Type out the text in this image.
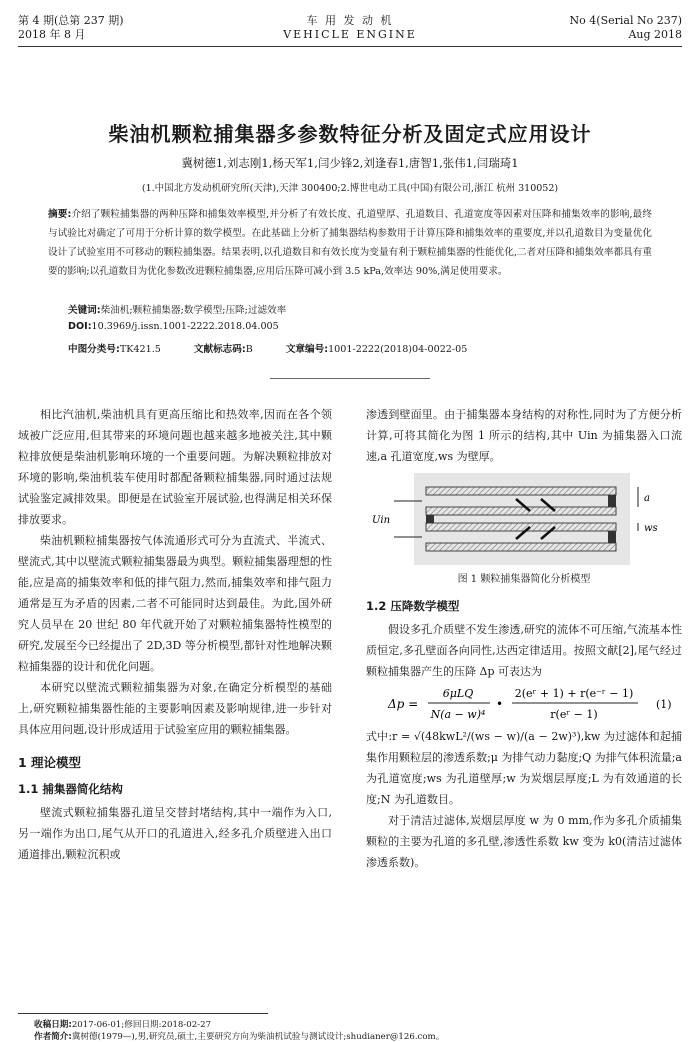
第 4 期(总第 237 期)
2018 年 8 月
车 用 发 动 机
VEHICLE ENGINE
No 4(Serial No 237)
Aug 2018
柴油机颗粒捕集器多参数特征分析及固定式应用设计
冀树德1,刘志刚1,杨天军1,闫少锋2,刘逢春1,唐智1,张伟1,闫瑞琦1
(1.中国北方发动机研究所(天津),天津 300400;2.博世电动工具(中国)有限公司,浙江 杭州 310052)
摘要:介绍了颗粒捕集器的两种压降和捕集效率模型,并分析了有效长度、孔道壁厚、孔道数目、孔道宽度等因素对压降和捕集效率的影响,最终与试验比对确定了可用于分析计算的数学模型。在此基础上分析了捕集器结构参数用于计算压降和捕集效率的重要度,并以孔道数目为变量优化设计了试验室用不可移动的颗粒捕集器。结果表明,以孔道数目和有效长度为变量有利于颗粒捕集器的性能优化,二者对压降和捕集效率都具有重要的影响;以孔道数目为优化参数改进颗粒捕集器,应用后压降可减小到 3.5 kPa,效率达 90%,满足使用要求。
关键词:柴油机;颗粒捕集器;数学模型;压降;过滤效率
DOI:10.3969/j.issn.1001-2222.2018.04.005
中图分类号:TK421.5	文献标志码:B	文章编号:1001-2222(2018)04-0022-05

相比汽油机,柴油机具有更高压缩比和热效率,因而在各个领域被广泛应用,但其带来的环境问题也越来越多地被关注,其中颗粒排放便是柴油机影响环境的一个重要问题。为解决颗粒排放对环境的影响,柴油机装车使用时都配备颗粒捕集器,同时通过法规试验鉴定减排效果。即便是在试验室开展试验,也得满足相关环保排放要求。

柴油机颗粒捕集器按气体流通形式可分为直流式、半流式、壁流式,其中以壁流式颗粒捕集器最为典型。颗粒捕集器理想的性能,应是高的捕集效率和低的排气阻力,然而,捕集效率和排气阻力通常是互为矛盾的因素,二者不可能同时达到最佳。为此,国外研究人员早在 20 世纪 80 年代就开始了对颗粒捕集器特性模型的研究,发展至今已经提出了 2D,3D 等分析模型,都针对性地解决颗粒捕集器的设计和优化问题。

本研究以壁流式颗粒捕集器为对象,在确定分析模型的基础上,研究颗粒捕集器性能的主要影响因素及影响规律,进一步针对具体应用问题,设计形成适用于试验室应用的颗粒捕集器。

1 理论模型
1.1 捕集器简化结构

壁流式颗粒捕集器孔道呈交替封堵结构,其中一端作为入口,另一端作为出口,尾气从开口的孔道进入,经多孔介质壁进入出口通道排出,颗粒沉积或

渗透到壁面里。由于捕集器本身结构的对称性,同时为了方便分析计算,可将其简化为图 1 所示的结构,其中 Uin 为捕集器入口流速,a 孔道宽度,ws 为壁厚。

Uin
a
ws
图 1 颗粒捕集器简化分析模型
1.2 压降数学模型

假设多孔介质壁不发生渗透,研究的流体不可压缩,气流基本性质恒定,多孔壁面各向同性,达西定律适用。按照文献[2],尾气经过颗粒捕集器产生的压降 Δp 可表达为

Δp =
6μLQ
N(a − w)⁴
•
2(eʳ + 1) + r(e⁻ʳ − 1)
r(eʳ − 1)
(1)

式中:r = √(48kwL²/(ws − w)/(a − 2w)³),kw 为过滤体和起捕集作用颗粒层的渗透系数;μ 为排气动力黏度;Q 为排气体积流量;a 为孔道宽度;ws 为孔道壁厚;w 为炭烟层厚度;L 为有效通道的长度;N 为孔道数目。

对于清洁过滤体,炭烟层厚度 w 为 0 mm,作为多孔介质捕集颗粒的主要为孔道的多孔壁,渗透性系数 kw 变为 k0(清洁过滤体渗透系数)。

收稿日期:2017-06-01;修回日期:2018-02-27
作者简介:冀树德(1979—),男,研究员,硕士,主要研究方向为柴油机试验与测试设计;shudianer@126.com。
